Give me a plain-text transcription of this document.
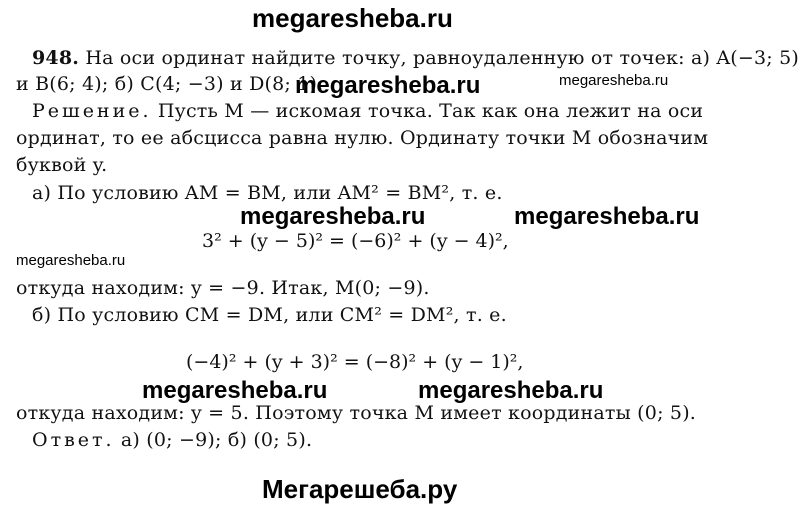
megaresheba.ru
948. На оси ординат найдите точку, равноудаленную от точек: а) A(−3; 5)
и B(6; 4); б) C(4; −3) и D(8; 1).
megaresheba.ru	megaresheba.ru
Решение. Пусть M — искомая точка. Так как она лежит на оси
ординат, то ее абсцисса равна нулю. Ординату точки M обозначим
буквой y.
а) По условию AM = BM, или AM² = BM², т. е.
megaresheba.ru	megaresheba.ru
3² + (y − 5)² = (−6)² + (y − 4)²,
megaresheba.ru
откуда находим: y = −9. Итак, M(0; −9).
б) По условию CM = DM, или CM² = DM², т. е.
(−4)² + (y + 3)² = (−8)² + (y − 1)²,
megaresheba.ru	megaresheba.ru
откуда находим: y = 5. Поэтому точка M имеет координаты (0; 5).
Ответ. а) (0; −9); б) (0; 5).
Мегарешеба.ру
